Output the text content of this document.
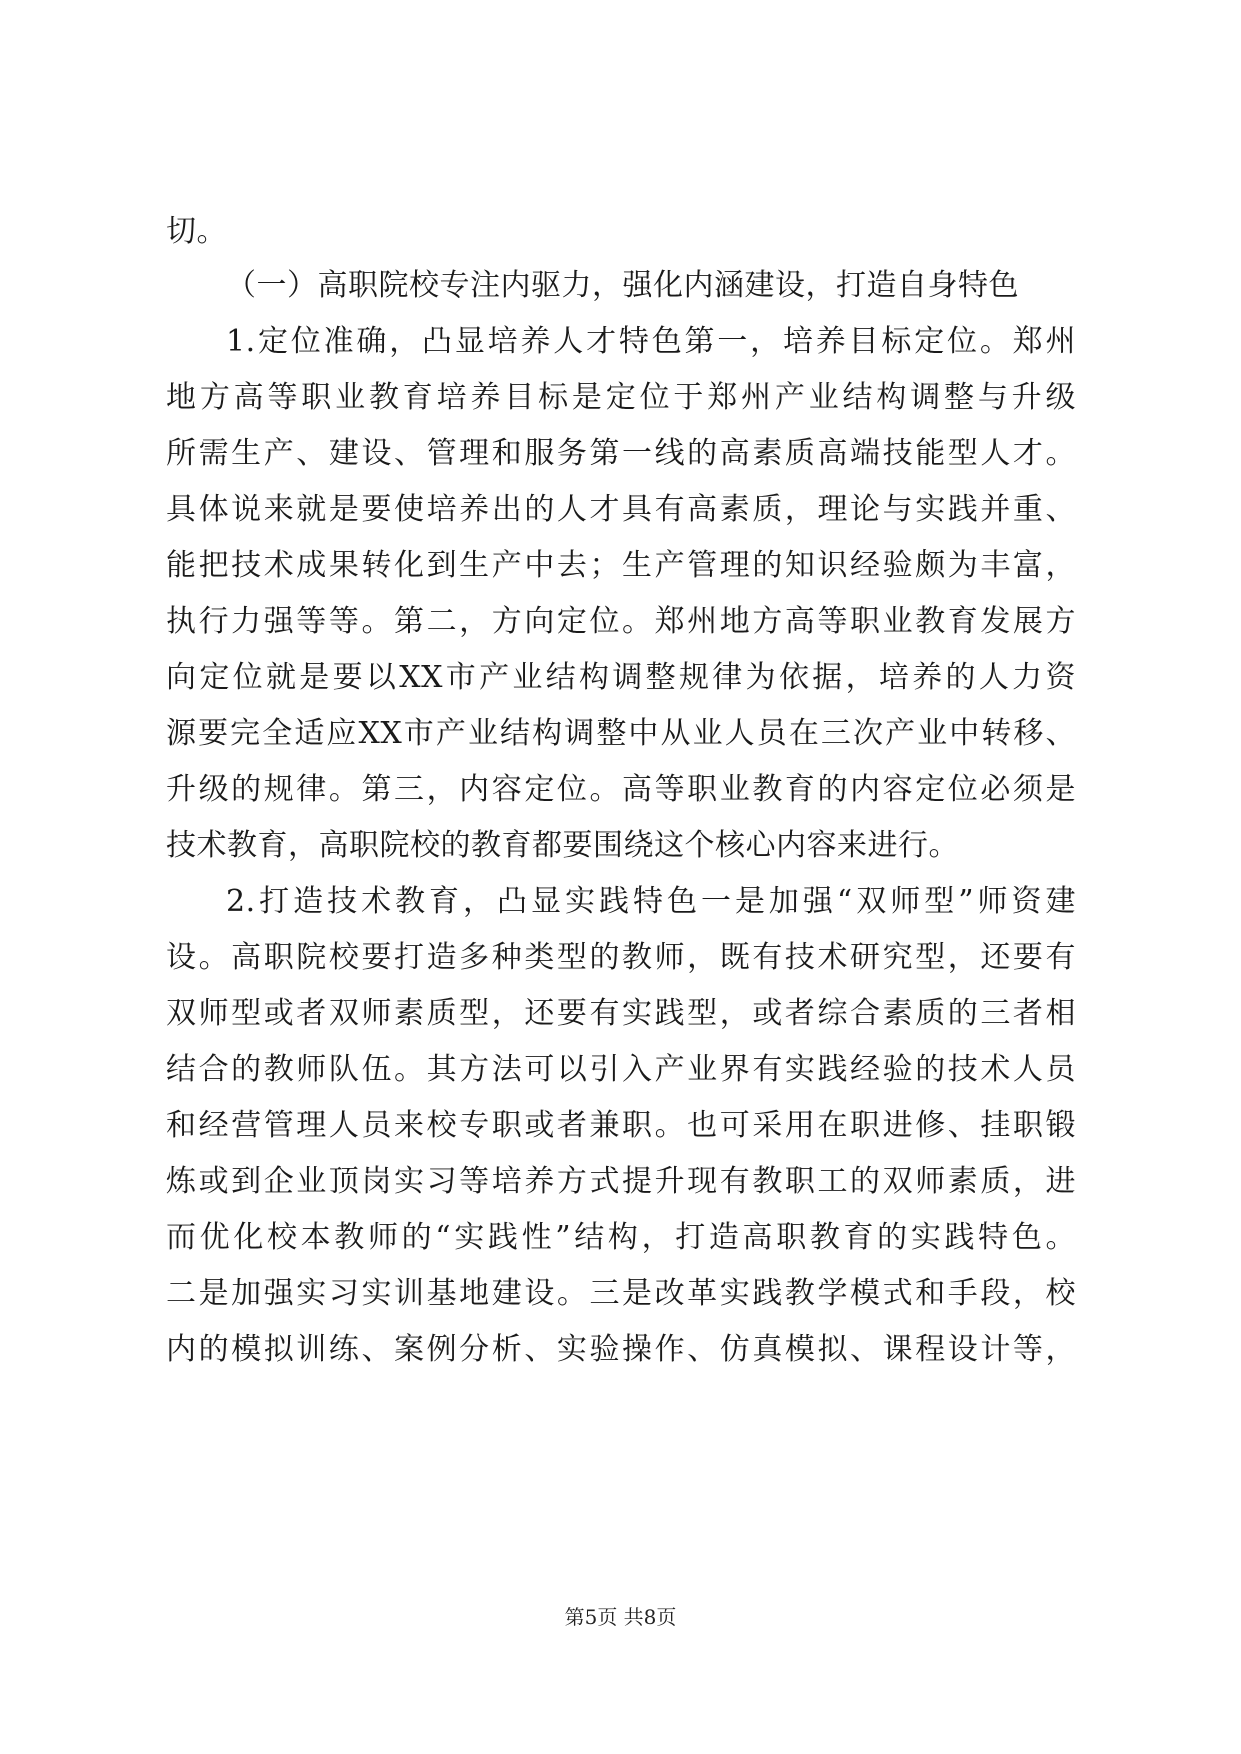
切。
（一）高职院校专注内驱力，强化内涵建设，打造自身特色
1.定位准确，凸显培养人才特色第一，培养目标定位。郑州
地方高等职业教育培养目标是定位于郑州产业结构调整与升级
所需生产、建设、管理和服务第一线的高素质高端技能型人才。
具体说来就是要使培养出的人才具有高素质，理论与实践并重、
能把技术成果转化到生产中去；生产管理的知识经验颇为丰富，
执行力强等等。第二，方向定位。郑州地方高等职业教育发展方
向定位就是要以XX市产业结构调整规律为依据，培养的人力资
源要完全适应XX市产业结构调整中从业人员在三次产业中转移、
升级的规律。第三，内容定位。高等职业教育的内容定位必须是
技术教育，高职院校的教育都要围绕这个核心内容来进行。
2.打造技术教育，凸显实践特色一是加强“双师型”师资建
设。高职院校要打造多种类型的教师，既有技术研究型，还要有
双师型或者双师素质型，还要有实践型，或者综合素质的三者相
结合的教师队伍。其方法可以引入产业界有实践经验的技术人员
和经营管理人员来校专职或者兼职。也可采用在职进修、挂职锻
炼或到企业顶岗实习等培养方式提升现有教职工的双师素质，进
而优化校本教师的“实践性”结构，打造高职教育的实践特色。
二是加强实习实训基地建设。三是改革实践教学模式和手段，校
内的模拟训练、案例分析、实验操作、仿真模拟、课程设计等，
第5页 共8页
